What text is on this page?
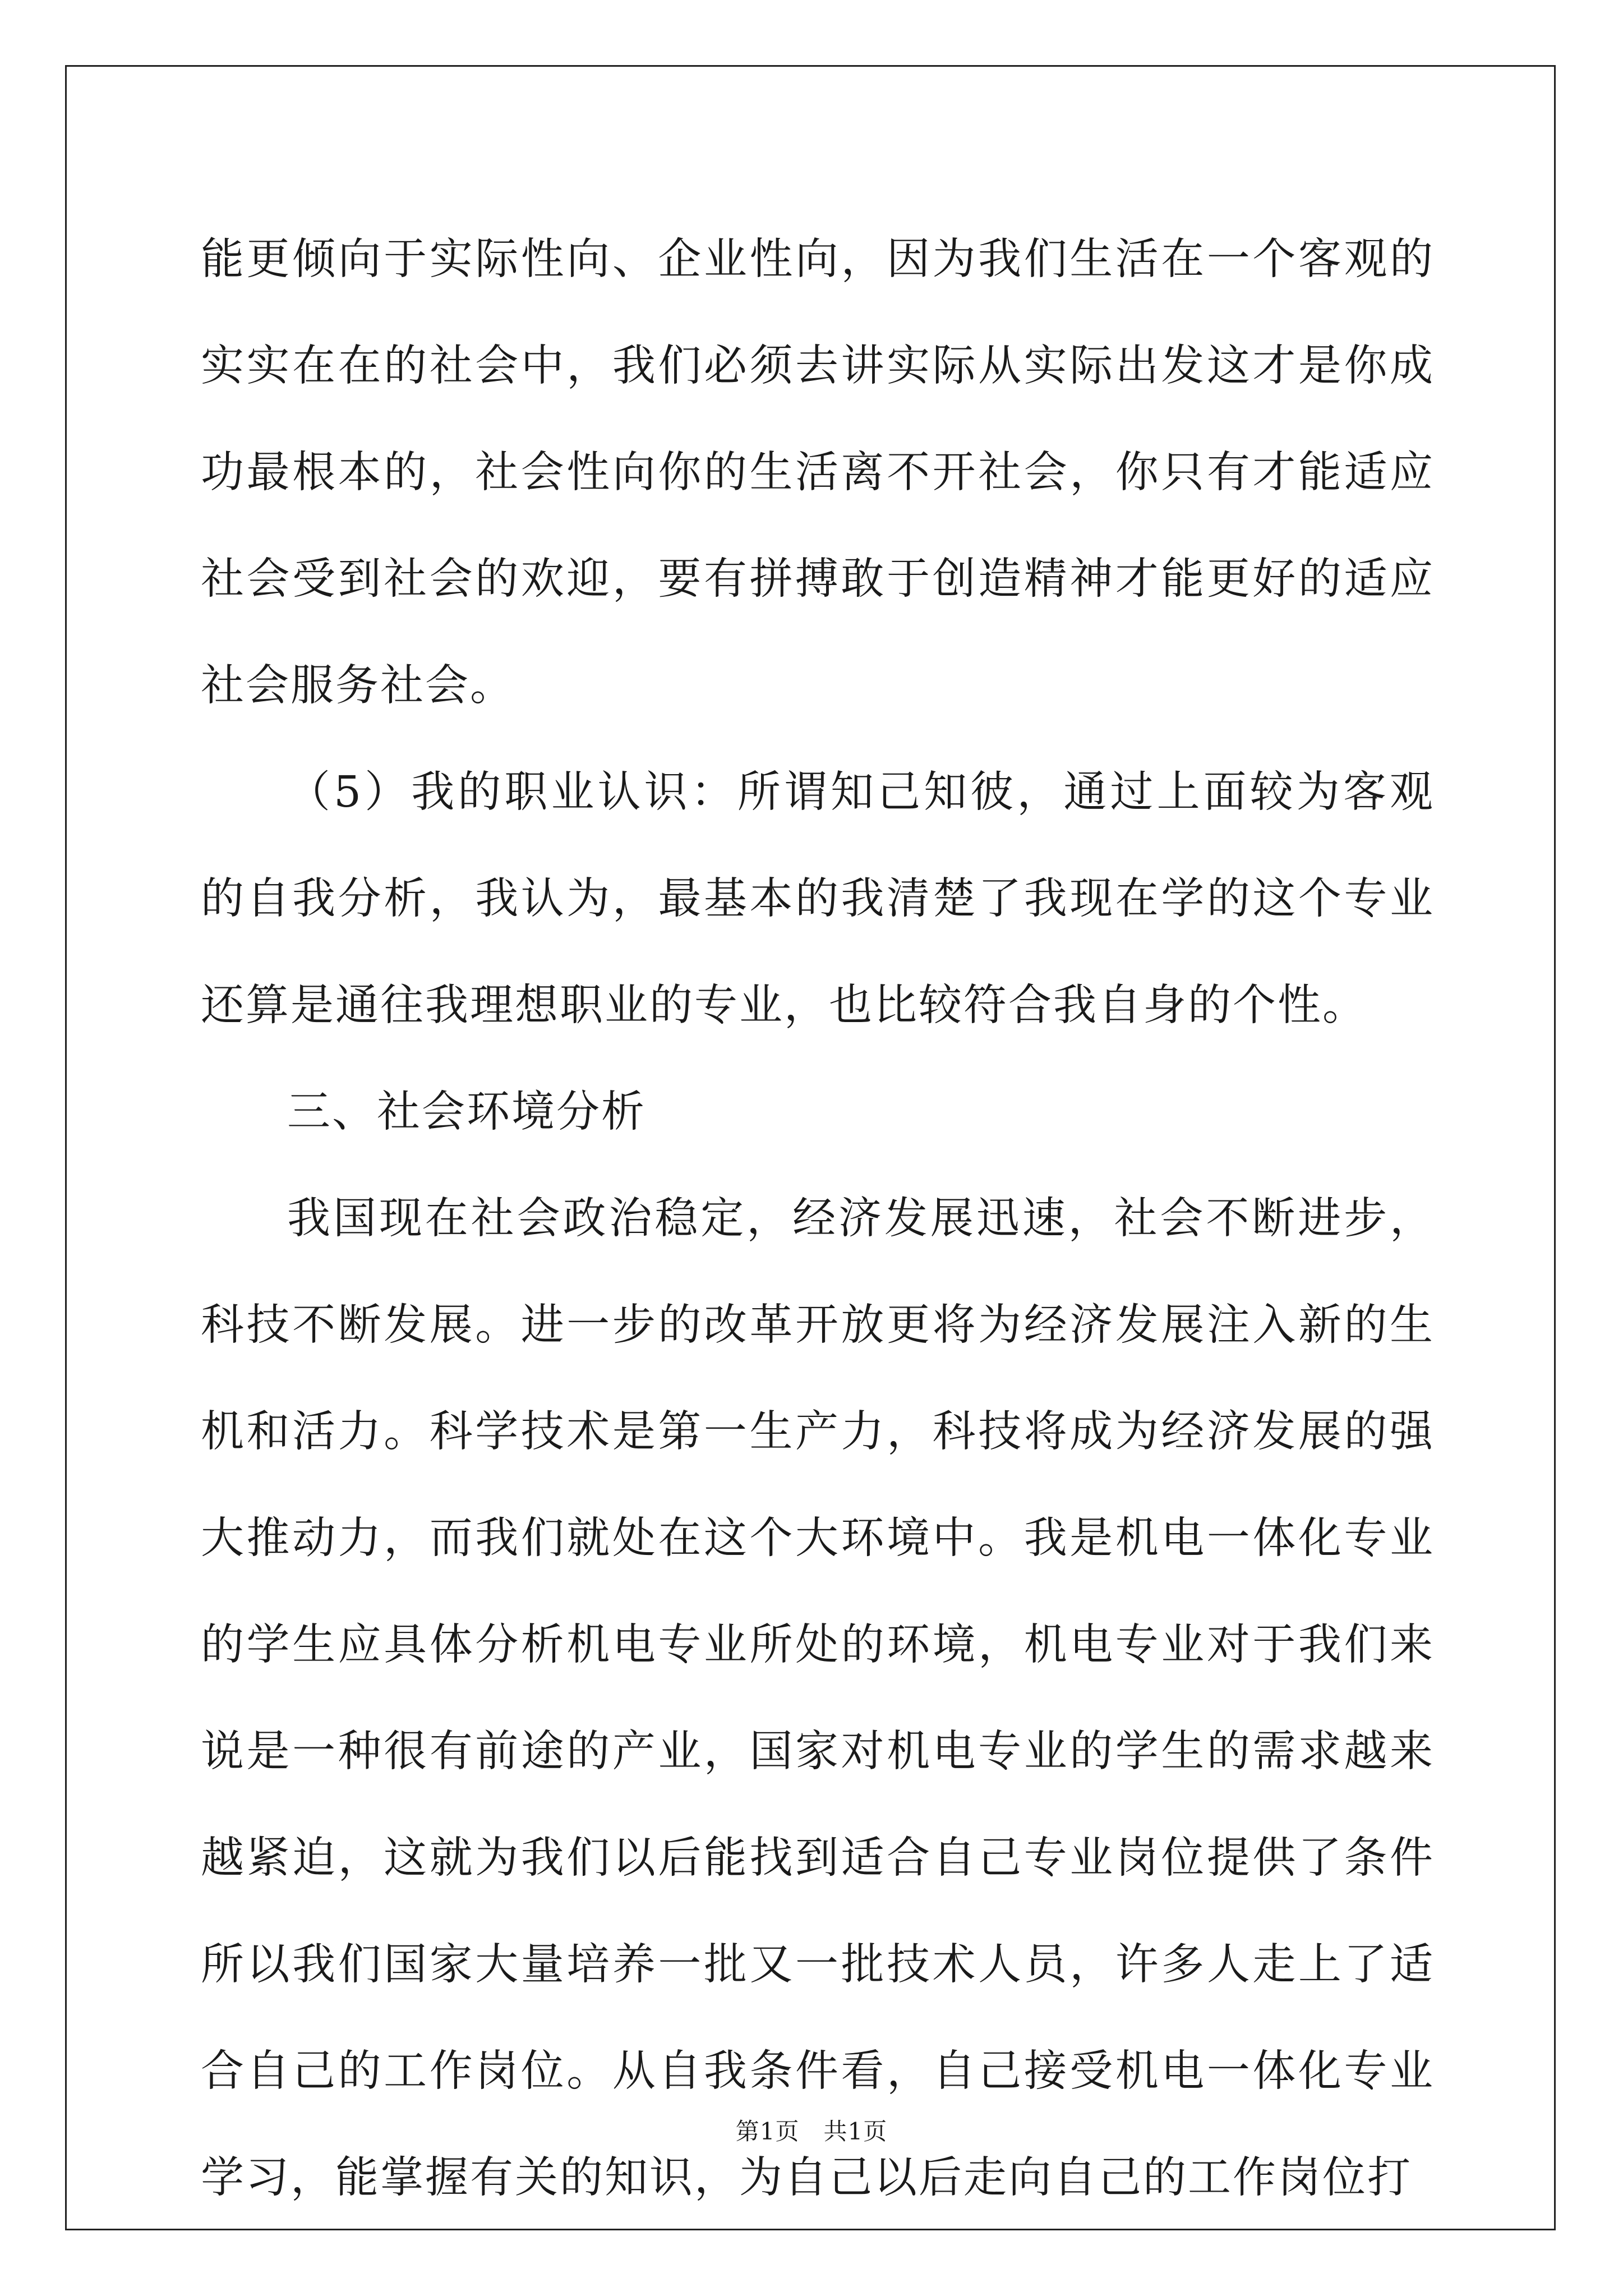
能更倾向于实际性向、企业性向，因为我们生活在一个客观的实实在在的社会中，我们必须去讲实际从实际出发这才是你成功最根本的，社会性向你的生活离不开社会，你只有才能适应社会受到社会的欢迎，要有拼搏敢于创造精神才能更好的适应社会服务社会。

（5）我的职业认识：所谓知己知彼，通过上面较为客观的自我分析，我认为，最基本的我清楚了我现在学的这个专业还算是通往我理想职业的专业，也比较符合我自身的个性。

三、社会环境分析

我国现在社会政治稳定，经济发展迅速，社会不断进步，科技不断发展。进一步的改革开放更将为经济发展注入新的生机和活力。科学技术是第一生产力，科技将成为经济发展的强大推动力，而我们就处在这个大环境中。我是机电一体化专业的学生应具体分析机电专业所处的环境，机电专业对于我们来说是一种很有前途的产业，国家对机电专业的学生的需求越来越紧迫，这就为我们以后能找到适合自己专业岗位提供了条件所以我们国家大量培养一批又一批技术人员，许多人走上了适合自己的工作岗位。从自我条件看，自己接受机电一体化专业学习，能掌握有关的知识，为自己以后走向自己的工作岗位打

第1页 共1页
